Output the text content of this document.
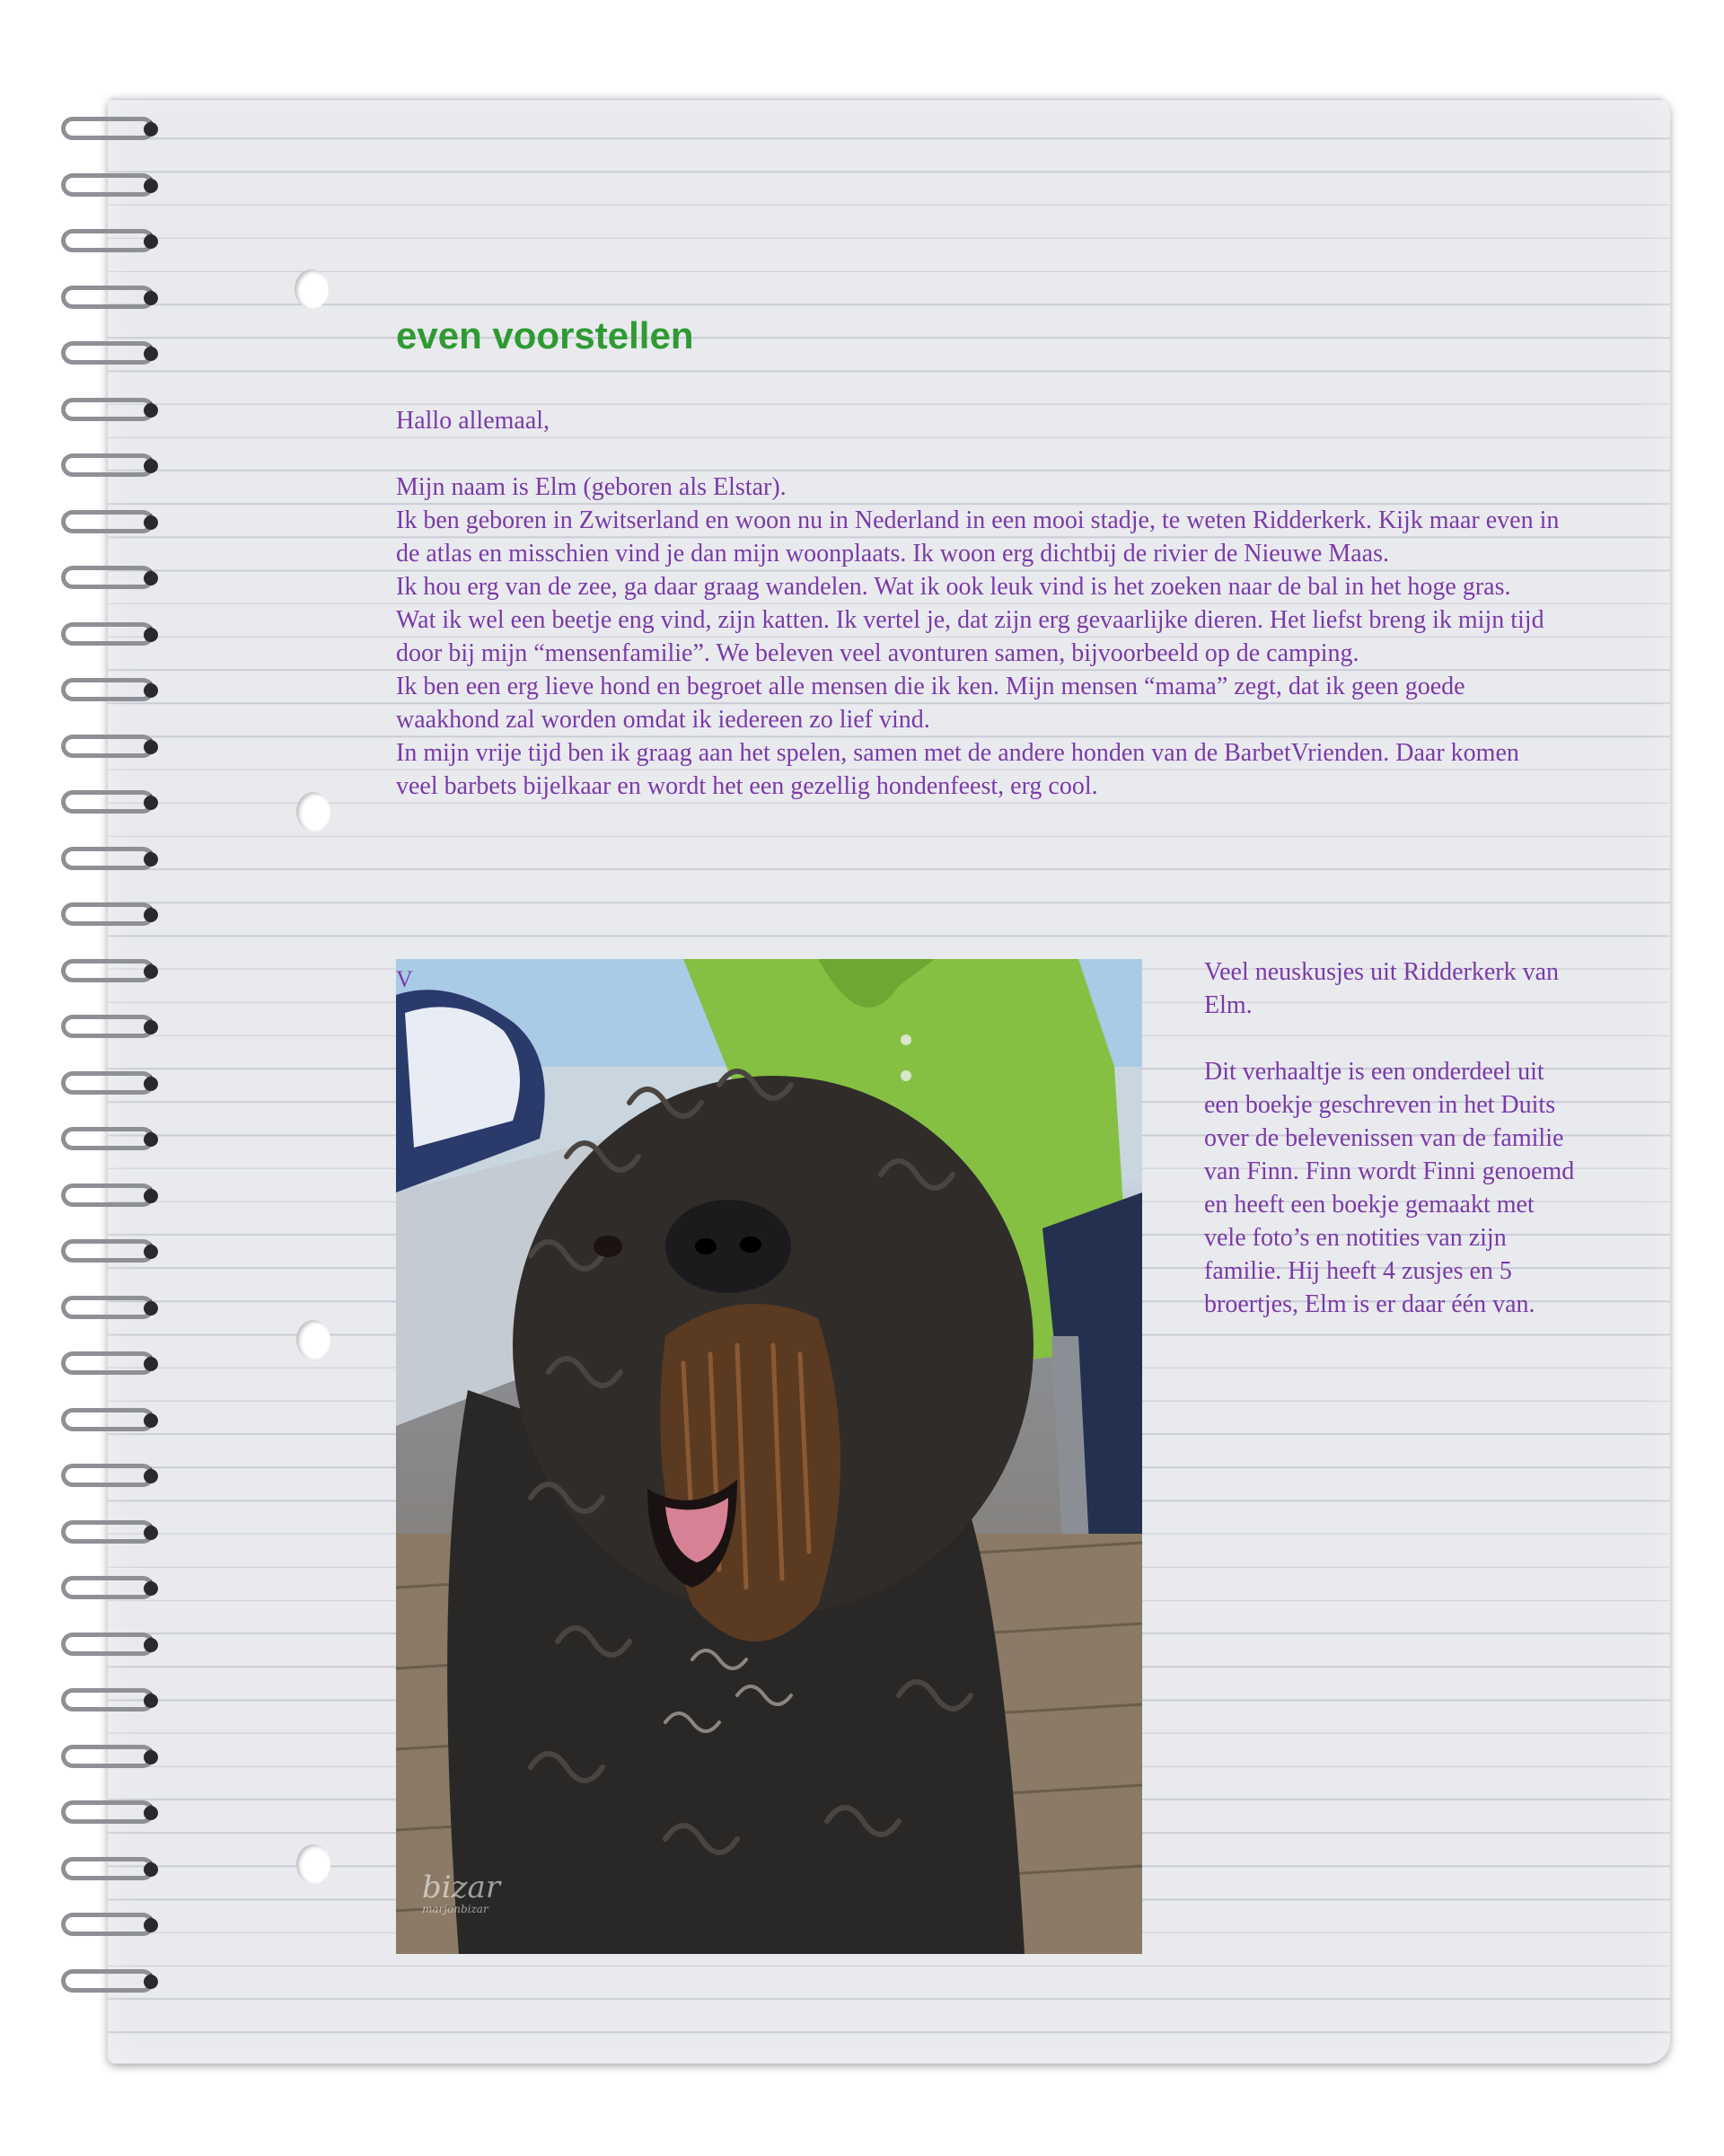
even voorstellen

Hallo allemaal,

Mijn naam is Elm (geboren als Elstar).

Ik ben geboren in Zwitserland en woon nu in Nederland in een mooi stadje, te weten Ridderkerk. Kijk maar even in de atlas en misschien vind je dan mijn woonplaats. Ik woon erg dichtbij de rivier de Nieuwe Maas.

Ik hou erg van de zee, ga daar graag wandelen. Wat ik ook leuk vind is het zoeken naar de bal in het hoge gras.

Wat ik wel een beetje eng vind, zijn katten. Ik vertel je, dat zijn erg gevaarlijke dieren. Het liefst breng ik mijn tijd door bij mijn “mensenfamilie”. We beleven veel avonturen samen, bijvoorbeeld op de camping.

Ik ben een erg lieve hond en begroet alle mensen die ik ken. Mijn mensen “mama” zegt, dat ik geen goede waakhond zal worden omdat ik iedereen zo lief vind.

In mijn vrije tijd ben ik graag aan het spelen, samen met de andere honden van de BarbetVrienden. Daar komen veel barbets bijelkaar en wordt het een gezellig hondenfeest, erg cool.

V
bizar
marjonbizar

Veel neuskusjes uit Ridderkerk van Elm.

Dit verhaaltje is een onderdeel uit een boekje geschreven in het Duits over de belevenissen van de familie van Finn. Finn wordt Finni genoemd en heeft een boekje gemaakt met vele foto’s en notities van zijn familie. Hij heeft 4 zusjes en 5 broertjes, Elm is er daar één van.
